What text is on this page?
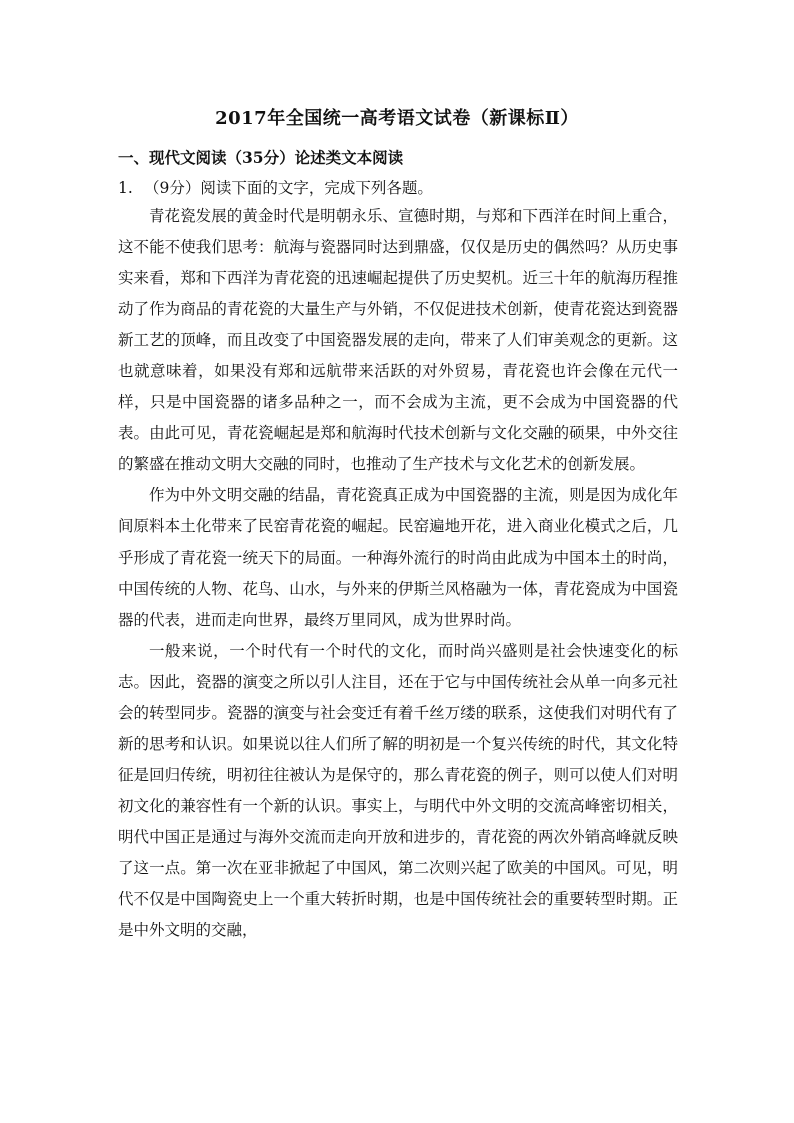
2017年全国统一高考语文试卷（新课标Ⅱ）
一、现代文阅读（35分）论述类文本阅读
1. （9分）阅读下面的文字，完成下列各题。

青花瓷发展的黄金时代是明朝永乐、宣德时期，与郑和下西洋在时间上重合，这不能不使我们思考：航海与瓷器同时达到鼎盛，仅仅是历史的偶然吗？从历史事实来看，郑和下西洋为青花瓷的迅速崛起提供了历史契机。近三十年的航海历程推动了作为商品的青花瓷的大量生产与外销，不仅促进技术创新，使青花瓷达到瓷器新工艺的顶峰，而且改变了中国瓷器发展的走向，带来了人们审美观念的更新。这也就意味着，如果没有郑和远航带来活跃的对外贸易，青花瓷也许会像在元代一样，只是中国瓷器的诸多品种之一，而不会成为主流，更不会成为中国瓷器的代表。由此可见，青花瓷崛起是郑和航海时代技术创新与文化交融的硕果，中外交往的繁盛在推动文明大交融的同时，也推动了生产技术与文化艺术的创新发展。

作为中外文明交融的结晶，青花瓷真正成为中国瓷器的主流，则是因为成化年间原料本土化带来了民窑青花瓷的崛起。民窑遍地开花，进入商业化模式之后，几乎形成了青花瓷一统天下的局面。一种海外流行的时尚由此成为中国本土的时尚，中国传统的人物、花鸟、山水，与外来的伊斯兰风格融为一体，青花瓷成为中国瓷器的代表，进而走向世界，最终万里同风，成为世界时尚。

一般来说，一个时代有一个时代的文化，而时尚兴盛则是社会快速变化的标志。因此，瓷器的演变之所以引人注目，还在于它与中国传统社会从单一向多元社会的转型同步。瓷器的演变与社会变迁有着千丝万缕的联系，这使我们对明代有了新的思考和认识。如果说以往人们所了解的明初是一个复兴传统的时代，其文化特征是回归传统，明初往往被认为是保守的，那么青花瓷的例子，则可以使人们对明初文化的兼容性有一个新的认识。事实上，与明代中外文明的交流高峰密切相关，明代中国正是通过与海外交流而走向开放和进步的，青花瓷的两次外销高峰就反映了这一点。第一次在亚非掀起了中国风，第二次则兴起了欧美的中国风。可见，明代不仅是中国陶瓷史上一个重大转折时期，也是中国传统社会的重要转型时期。正是中外文明的交融，
